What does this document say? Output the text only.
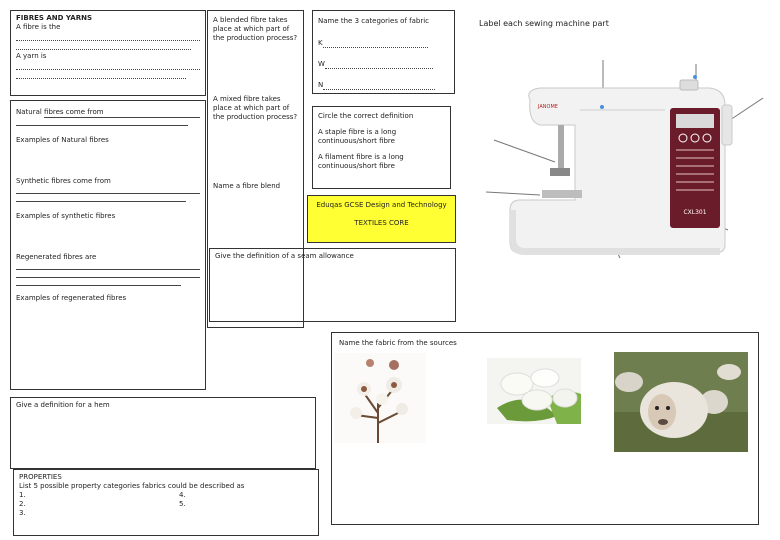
FIBRES AND YARNS
A fibre is the
A yarn is
Natural fibres come from
Examples of Natural fibres
Synthetic fibres come from
Examples of synthetic fibres
Regenerated fibres are
Examples of regenerated fibres
A blended fibre takes place at which part of the production process?
A mixed fibre takes place at which part of the production process?
Name a fibre blend
Name the 3 categories of fabric
K
W
N
Circle the correct definition
A staple fibre is a long continuous/short fibre
A filament fibre is a long continuous/short fibre
Eduqas GCSE Design and Technology
TEXTILES CORE
Give the definition of a seam allowance
Label each sewing machine part
CXL301
JANOME
Give a definition for a hem
PROPERTIES
List 5 possible property categories fabrics could be described as
1.	4.
2.	5.
3.
Name the fabric from the sources
